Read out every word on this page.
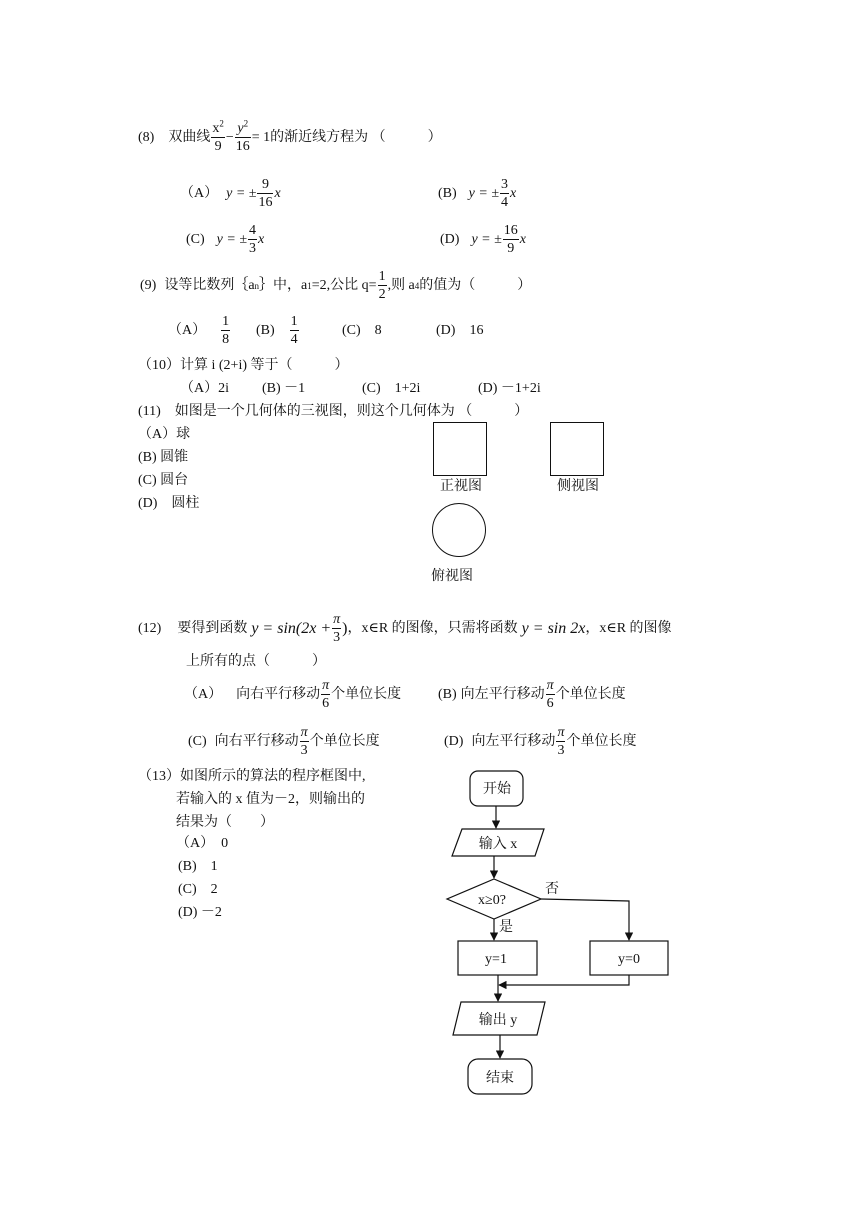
(8) 双曲线 $\frac{x^2}{9} - \frac{y^2}{16} = 1$ 的渐近线方程为 （　　　）
（A） y = ± $\frac{9}{16}$ x	(B) y = ± $\frac{3}{4}$ x
(C) y = ± $\frac{4}{3}$ x	(D) y = ± $\frac{16}{9}$ x
(9) 设等比数列｛a n ｝中，a 1 =2,公比 $q= \frac{1}{2}$ ,则 a 4 的值为（　　　）
$(A) \frac{1}{8} (B) \frac{1}{4}$	(C) 8	(D) 16
（10）计算 i (2+i) 等于（　　　）
（A）2i (B) －1	(C)　1+2i	(D) －1+2i
(11)　如图是一个几何体的三视图，则这个几何体为 （　　　）
（A）球
(B) 圆锥
(C) 圆台
(D)　圆柱
正视图	侧视图
俯视图
(12) 要得到函数 $y = \sin(2x + \frac{\pi}{3}$ ) ，x∈R 的图像，只需将函数 y = sin 2x ，x∈R 的图像
上所有的点（　　　）
（A） 向右平行移动 $\frac{\pi}{6}$ 个单位长度	(B) 向左平行移动 $\frac{\pi}{6}$ 个单位长度
(C) 向右平行移动 $\frac{\pi}{3}$ 个单位长度	(D) 向左平行移动 $\frac{\pi}{3}$ 个单位长度
（13）如图所示的算法的程序框图中,
若输入的 x 值为－2，则输出的
结果为（　　）
（A）　0
(B)　1
(C)　2
(D) －2
开始
输入 x
x≥0?
否
是
y=1	y=0
输出 y
结束
